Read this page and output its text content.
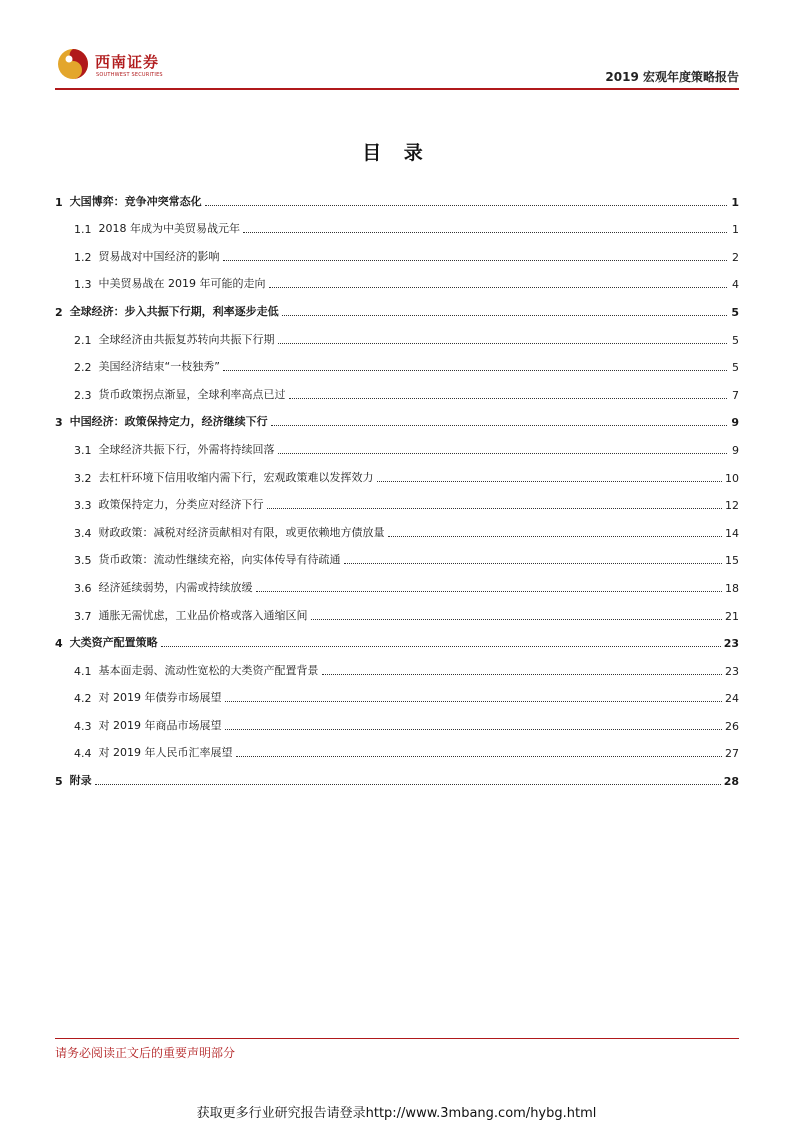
西南证券
SOUTHWEST SECURITIES	2019 宏观年度策略报告
目 录
1 大国博弈：竞争冲突常态化	1
1.1 2018 年成为中美贸易战元年	1
1.2 贸易战对中国经济的影响	2
1.3 中美贸易战在 2019 年可能的走向	4
2 全球经济：步入共振下行期，利率逐步走低	5
2.1 全球经济由共振复苏转向共振下行期	5
2.2 美国经济结束“一枝独秀”	5
2.3 货币政策拐点渐显，全球利率高点已过	7
3 中国经济：政策保持定力，经济继续下行	9
3.1 全球经济共振下行，外需将持续回落	9
3.2 去杠杆环境下信用收缩内需下行，宏观政策难以发挥效力	10
3.3 政策保持定力，分类应对经济下行	12
3.4 财政政策：减税对经济贡献相对有限，或更依赖地方债放量	14
3.5 货币政策：流动性继续充裕，向实体传导有待疏通	15
3.6 经济延续弱势，内需或持续放缓	18
3.7 通胀无需忧虑，工业品价格或落入通缩区间	21
4 大类资产配置策略	23
4.1 基本面走弱、流动性宽松的大类资产配置背景	23
4.2 对 2019 年债券市场展望	24
4.3 对 2019 年商品市场展望	26
4.4 对 2019 年人民币汇率展望	27
5 附录	28
请务必阅读正文后的重要声明部分
获取更多行业研究报告请登录http://www.3mbang.com/hybg.html
